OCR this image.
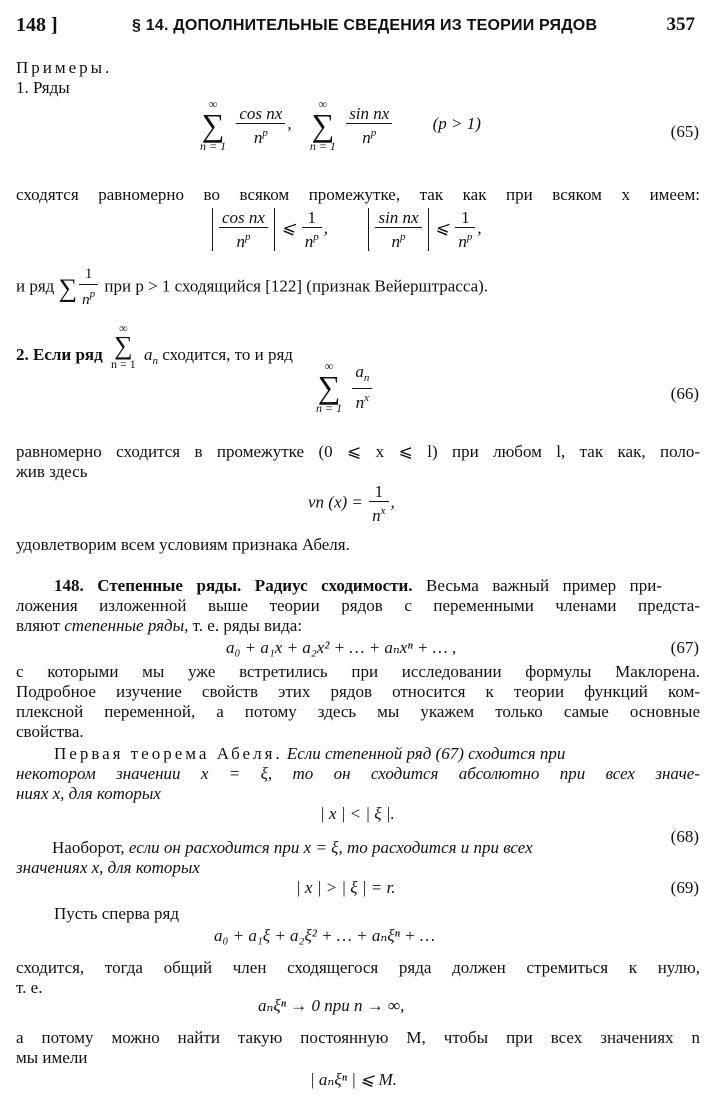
148 ]	§ 14. ДОПОЛНИТЕЛЬНЫЕ СВЕДЕНИЯ ИЗ ТЕОРИИ РЯДОВ	357
Примеры.
1. Ряды
∞
∑
n = 1
$\frac{\text{cos nx}}{n^p}$ ,
∞
∑
n = 1
$\frac{\text{sin nx}}{n^p} (p > 1)$	(65)
сходятся равномерно во всяком промежутке, так как при всяком x имеем:
$\frac{\text{cos nx}}{n^p}$ ⩽ $\frac{1}{n^p}$ ,	$\frac{\text{sin nx}}{n^p}$ ⩽ $\frac{1}{n^p}$ ,
и ряд ∑ $\frac{1}{n^p}$ при p > 1 сходящийся [122] (признак Вейерштрасса).
2. Если ряд
∞
∑
n = 1 $a_n$ сходится, то и ряд
∞
∑
n = 1
$\frac{a_n}{n^x}$	(66)
равномерно сходится в промежутке (0 ⩽ x ⩽ l) при любом l, так как, поло-
жив здесь
vn $(x) = \frac{1}{n^x}$ ,
удовлетворим всем условиям признака Абеля.
148. Степенные ряды. Радиус сходимости. Весьма важный пример при-
ложения изложенной выше теории рядов с переменными членами предста-
вляют степенные ряды, т. е. ряды вида:
a₀ + a₁x + a₂x² + … + aₙxⁿ + … ,	(67)
с которыми мы уже встретились при исследовании формулы Маклорена.
Подробное изучение свойств этих рядов относится к теории функций ком-
плексной переменной, а потому здесь мы укажем только самые основные
свойства.
Первая теорема Абеля. Если степенной ряд (67) сходится при
некотором значении x = ξ, то он сходится абсолютно при всех значе-
ниях x, для которых
| x | < | ξ |.
(68)
Наоборот, если он расходится при x = ξ, то расходится и при всех
значениях x, для которых
| x | > | ξ | = r.	(69)
Пусть сперва ряд
a₀ + a₁ξ + a₂ξ² + … + aₙξⁿ + …
сходится, тогда общий член сходящегося ряда должен стремиться к нулю,
т. е.
aₙξⁿ → 0 при n → ∞,
а потому можно найти такую постоянную M, чтобы при всех значениях n
мы имели
| aₙξⁿ | ⩽ M.
